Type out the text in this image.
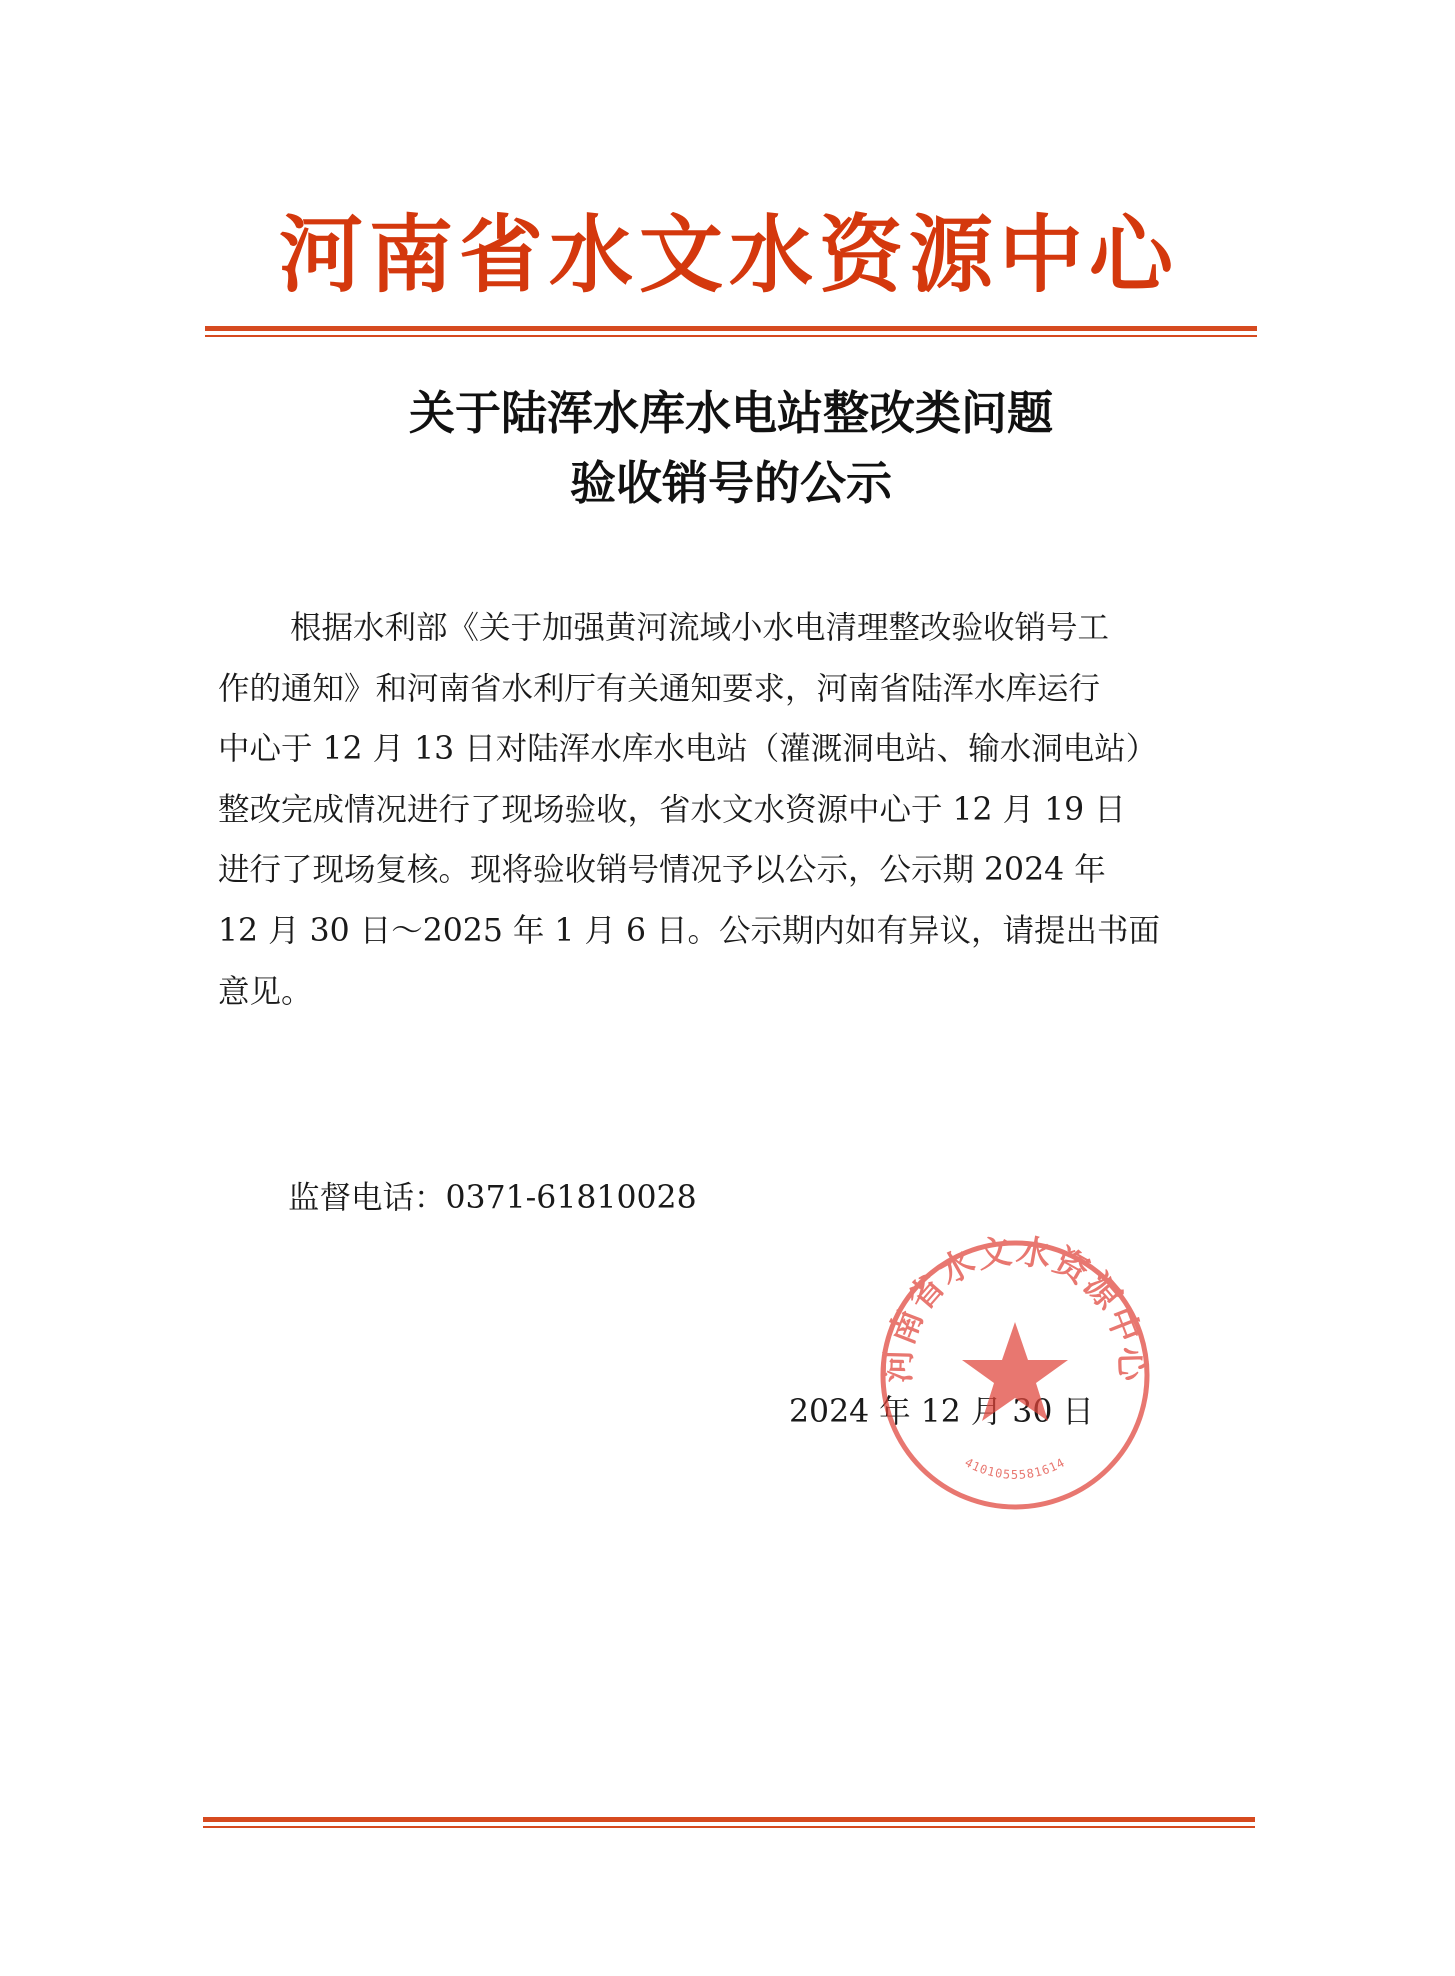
河南省水文水资源中心
关于陆浑水库水电站整改类问题
验收销号的公示
根据水利部《关于加强黄河流域小水电清理整改验收销号工
作的通知》和河南省水利厅有关通知要求，河南省陆浑水库运行
中心于 12 月 13 日对陆浑水库水电站（灌溉洞电站、输水洞电站）
整改完成情况进行了现场验收，省水文水资源中心于 12 月 19 日
进行了现场复核。现将验收销号情况予以公示，公示期 2024 年
12 月 30 日～2025 年 1 月 6 日。公示期内如有异议，请提出书面
意见。
监督电话：0371-61810028
2024 年 12 月 30 日
河南省水文水资源中心
4101055581614
